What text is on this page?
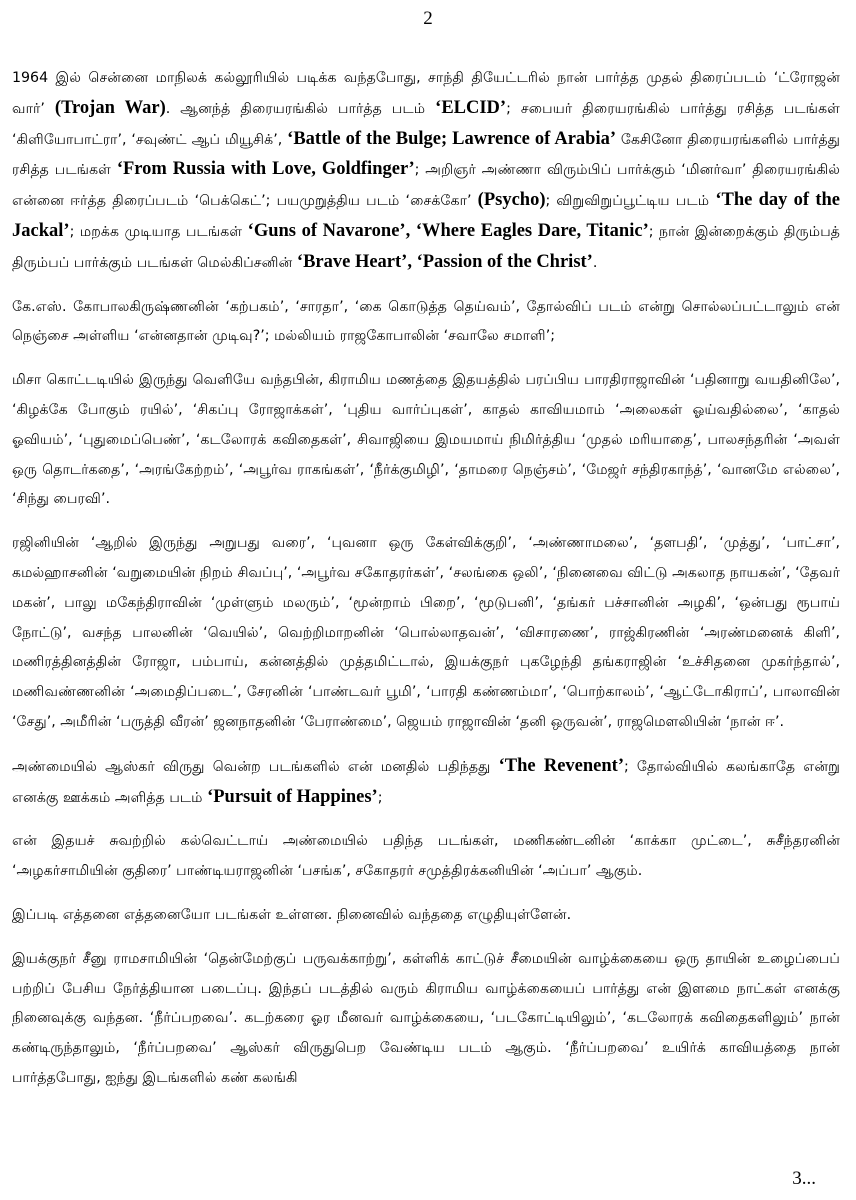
2

1964 இல் சென்னை மாநிலக் கல்லூரியில் படிக்க வந்தபோது, சாந்தி தியேட்டரில் நான் பார்த்த முதல் திரைப்படம் ‘ட்ரோஜன் வார்’ (Trojan War). ஆனந்த் திரையரங்கில் பார்த்த படம் ‘ELCID’; சபையர் திரையரங்கில் பார்த்து ரசித்த படங்கள் ‘கிளியோபாட்ரா’, ‘சவுண்ட் ஆப் மியூசிக்’, ‘Battle of the Bulge; Lawrence of Arabia’ கேசினோ திரையரங்களில் பார்த்து ரசித்த படங்கள் ‘From Russia with Love, Goldfinger’; அறிஞர் அண்ணா விரும்பிப் பார்க்கும் ‘மினர்வா’ திரையரங்கில் என்னை ஈர்த்த திரைப்படம் ‘பெக்கெட்’; பயமுறுத்திய படம் ‘சைக்கோ’ (Psycho); விறுவிறுப்பூட்டிய படம் ‘The day of the Jackal’; மறக்க முடியாத படங்கள் ‘Guns of Navarone’, ‘Where Eagles Dare, Titanic’; நான் இன்றைக்கும் திரும்பத் திரும்பப் பார்க்கும் படங்கள் மெல்கிப்சனின் ‘Brave Heart’, ‘Passion of the Christ’.

கே.எஸ். கோபாலகிருஷ்ணனின் ‘கற்பகம்’, ‘சாரதா’, ‘கை கொடுத்த தெய்வம்’, தோல்விப் படம் என்று சொல்லப்பட்டாலும் என் நெஞ்சை அள்ளிய ‘என்னதான் முடிவு?’; மல்லியம் ராஜகோபாலின் ‘சவாலே சமாளி’;

மிசா கொட்டடியில் இருந்து வெளியே வந்தபின், கிராமிய மணத்தை இதயத்தில் பரப்பிய பாரதிராஜாவின் ‘பதினாறு வயதினிலே’, ‘கிழக்கே போகும் ரயில்’, ‘சிகப்பு ரோஜாக்கள்’, ‘புதிய வார்ப்புகள்’, காதல் காவியமாம் ‘அலைகள் ஓய்வதில்லை’, ‘காதல் ஓவியம்’, ‘புதுமைப்பெண்’, ‘கடலோரக் கவிதைகள்’, சிவாஜியை இமயமாய் நிமிர்த்திய ‘முதல் மரியாதை’, பாலசந்தரின் ‘அவள் ஒரு தொடர்கதை’, ‘அரங்கேற்றம்’, ‘அபூர்வ ராகங்கள்’, ‘நீர்க்குமிழி’, ‘தாமரை நெஞ்சம்’, ‘மேஜர் சந்திரகாந்த்’, ‘வானமே எல்லை’, ‘சிந்து பைரவி’.

ரஜினியின் ‘ஆறில் இருந்து அறுபது வரை’, ‘புவனா ஒரு கேள்விக்குறி’, ‘அண்ணாமலை’, ‘தளபதி’, ‘முத்து’, ‘பாட்சா’, கமல்ஹாசனின் ‘வறுமையின் நிறம் சிவப்பு’, ‘அபூர்வ சகோதரர்கள்’, ‘சலங்கை ஒலி’, ‘நினைவை விட்டு அகலாத நாயகன்’, ‘தேவர் மகன்’, பாலு மகேந்திராவின் ‘முள்ளும் மலரும்’, ‘மூன்றாம் பிறை’, ‘மூடுபனி’, ‘தங்கர் பச்சானின் அழகி’, ‘ஒன்பது ரூபாய் நோட்டு’, வசந்த பாலனின் ‘வெயில்’, வெற்றிமாறனின் ‘பொல்லாதவன்’, ‘விசாரணை’, ராஜ்கிரணின் ‘அரண்மனைக் கிளி’, மணிரத்தினத்தின் ரோஜா, பம்பாய், கன்னத்தில் முத்தமிட்டால், இயக்குநர் புகழேந்தி தங்கராஜின் ‘உச்சிதனை முகர்ந்தால்’, மணிவண்ணனின் ‘அமைதிப்படை’, சேரனின் ‘பாண்டவர் பூமி’, ‘பாரதி கண்ணம்மா’, ‘பொற்காலம்’, ‘ஆட்டோகிராப்’, பாலாவின் ‘சேது’, அமீரின் ‘பருத்தி வீரன்’ ஜனநாதனின் ‘பேராண்மை’, ஜெயம் ராஜாவின் ‘தனி ஒருவன்’, ராஜமௌலியின் ‘நான் ஈ’.

அண்மையில் ஆஸ்கர் விருது வென்ற படங்களில் என் மனதில் பதிந்தது ‘The Revenent’; தோல்வியில் கலங்காதே என்று எனக்கு ஊக்கம் அளித்த படம் ‘Pursuit of Happines’;

என் இதயச் சுவற்றில் கல்வெட்டாய் அண்மையில் பதிந்த படங்கள், மணிகண்டனின் ‘காக்கா முட்டை’, சுசீந்தரனின் ‘அழகர்சாமியின் குதிரை’ பாண்டியராஜனின் ‘பசங்க’, சகோதரர் சமுத்திரக்கனியின் ‘அப்பா’ ஆகும்.

இப்படி எத்தனை எத்தனையோ படங்கள் உள்ளன. நினைவில் வந்ததை எழுதியுள்ளேன்.

இயக்குநர் சீனு ராமசாமியின் ‘தென்மேற்குப் பருவக்காற்று’, கள்ளிக் காட்டுச் சீமையின் வாழ்க்கையை ஒரு தாயின் உழைப்பைப் பற்றிப் பேசிய நேர்த்தியான படைப்பு. இந்தப் படத்தில் வரும் கிராமிய வாழ்க்கையைப் பார்த்து என் இளமை நாட்கள் எனக்கு நினைவுக்கு வந்தன. ‘நீர்ப்பறவை’. கடற்கரை ஓர மீனவர் வாழ்க்கையை, ‘படகோட்டியிலும்’, ‘கடலோரக் கவிதைகளிலும்’ நான் கண்டிருந்தாலும், ‘நீர்ப்பறவை’ ஆஸ்கர் விருதுபெற வேண்டிய படம் ஆகும். ‘நீர்ப்பறவை’ உயிர்க் காவியத்தை நான் பார்த்தபோது, ஐந்து இடங்களில் கண் கலங்கி

3...
